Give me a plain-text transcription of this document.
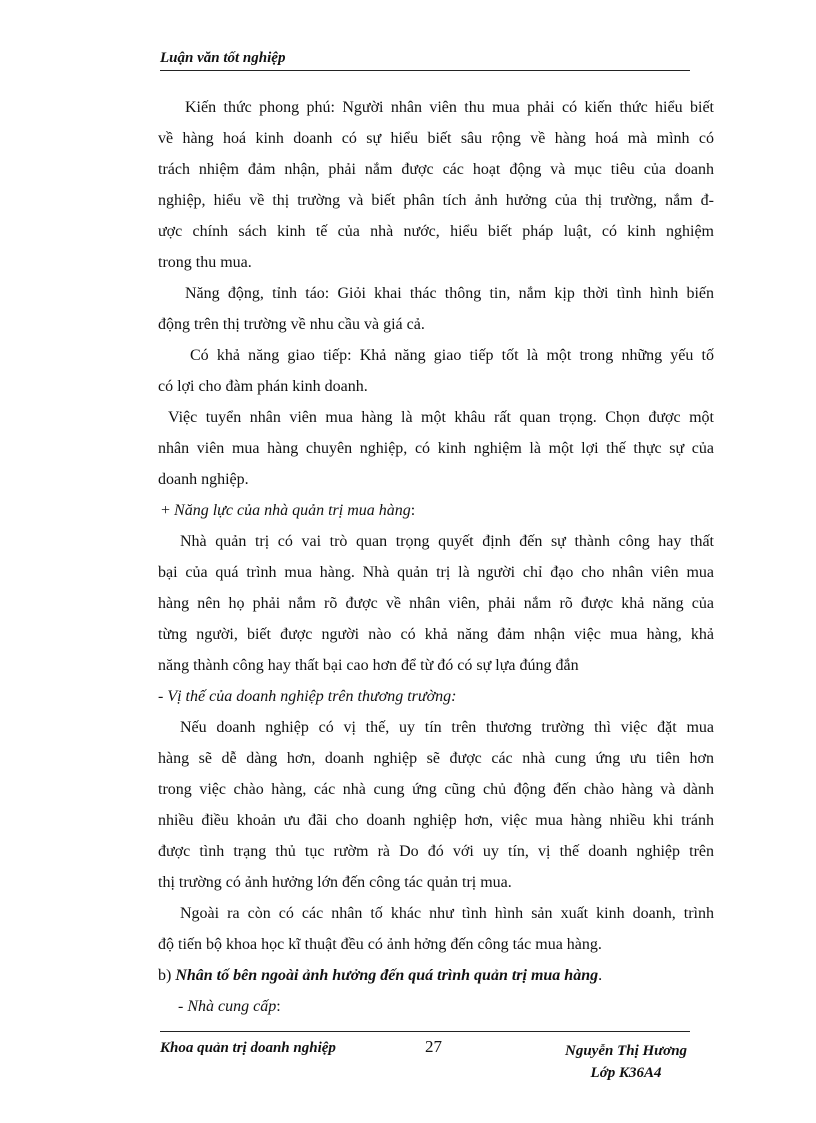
Luận văn tốt nghiệp
Kiến thức phong phú: Người nhân viên thu mua phải có kiến thức hiểu biết
về hàng hoá kinh doanh có sự hiểu biết sâu rộng về hàng hoá mà mình có
trách nhiệm đảm nhận, phải nắm được các hoạt động và mục tiêu của doanh
nghiệp, hiểu về thị trường và biết phân tích ảnh hưởng của thị trường, nắm đ-
ược chính sách kinh tế của nhà nước, hiểu biết pháp luật, có kinh nghiệm
trong thu mua.
Năng động, tỉnh táo: Giỏi khai thác thông tin, nắm kịp thời tình hình biến
động trên thị trường về nhu cầu và giá cả.
Có khả năng giao tiếp: Khả năng giao tiếp tốt là một trong những yếu tố
có lợi cho đàm phán kinh doanh.
Việc tuyển nhân viên mua hàng là một khâu rất quan trọng. Chọn được một
nhân viên mua hàng chuyên nghiệp, có kinh nghiệm là một lợi thế thực sự của
doanh nghiệp.
+ Năng lực của nhà quản trị mua hàng:
Nhà quản trị có vai trò quan trọng quyết định đến sự thành công hay thất
bại của quá trình mua hàng. Nhà quản trị là người chỉ đạo cho nhân viên mua
hàng nên họ phải nắm rõ được về nhân viên, phải nắm rõ được khả năng của
từng người, biết được người nào có khả năng đảm nhận việc mua hàng, khả
năng thành công hay thất bại cao hơn để từ đó có sự lựa đúng đắn
- Vị thế của doanh nghiệp trên thương trường:
Nếu doanh nghiệp có vị thế, uy tín trên thương trường thì việc đặt mua
hàng sẽ dễ dàng hơn, doanh nghiệp sẽ được các nhà cung ứng ưu tiên hơn
trong việc chào hàng, các nhà cung ứng cũng chủ động đến chào hàng và dành
nhiều điều khoản ưu đãi cho doanh nghiệp hơn, việc mua hàng nhiều khi tránh
được tình trạng thủ tục rườm rà Do đó với uy tín, vị thế doanh nghiệp trên
thị trường có ảnh hưởng lớn đến công tác quản trị mua.
Ngoài ra còn có các nhân tố khác như tình hình sản xuất kinh doanh, trình
độ tiến bộ khoa học kĩ thuật đều có ảnh hởng đến công tác mua hàng.
b) Nhân tố bên ngoài ảnh hưởng đến quá trình quản trị mua hàng.
- Nhà cung cấp:
Khoa quản trị doanh nghiệp	27	Nguyễn Thị Hương
Lớp K36A4
